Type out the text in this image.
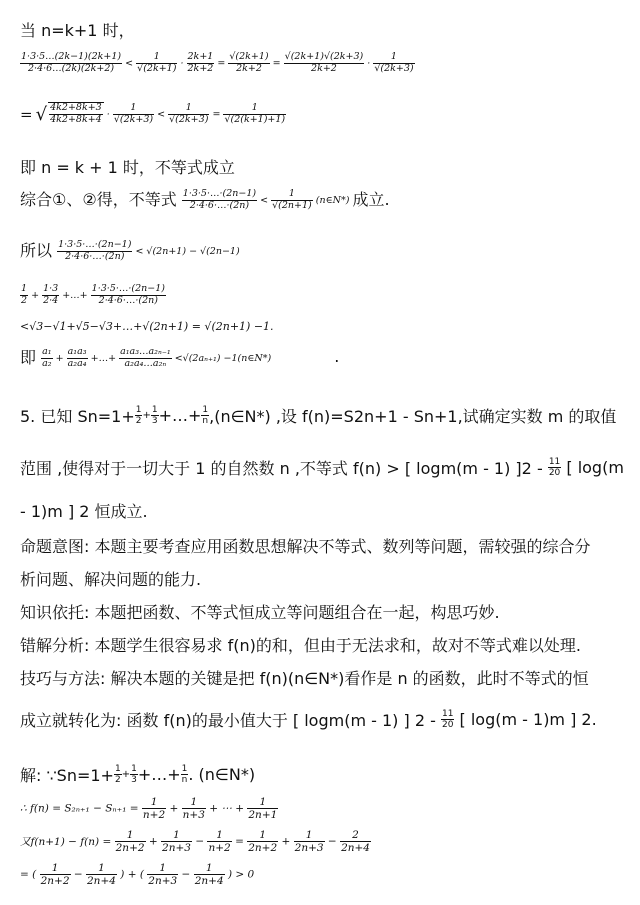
当 n=k+1 时，
$\frac{1\cdot 3\cdot 5\dots(2k-1)(2k+1)}{2\cdot 4\cdot 6\dots(2k)(2k+2)} < \frac{1}{√(2k+1)} \cdot \frac{2k+1}{2k+2} = \frac{√(2k+1)}{2k+2} = \frac{√(2k+1)√(2k+3)}{2k+2} \cdot \frac{1}{√(2k+3)}$
= √ $\frac{4k2+8k+3}{4k2+8k+4} \cdot \frac{1}{√(2k+3)} < \frac{1}{√(2k+3)} = \frac{1}{√(2(k+1)+1)}$
即 n = k + 1 时，不等式成立
综合①、②得，不等式 $\frac{1\cdot 3\cdot 5\cdot\dots\cdot(2n-1)}{2\cdot 4\cdot 6\cdot\dots\cdot(2n)} < \frac{1}{√(2n+1)}$ (n∈N*) 成立.
所以 $\frac{1\cdot 3\cdot 5\cdot\dots\cdot(2n-1)}{2\cdot 4\cdot 6\cdot\dots\cdot(2n)} < √(2n+1) - √(2n-1)$
$\frac{1}{2} + \frac{1\cdot 3}{2\cdot 4}$ +…+ $\frac{1\cdot 3\cdot 5\cdot\dots\cdot(2n-1)}{2\cdot 4\cdot 6\cdot\dots\cdot(2n)}$
<√3−√1+√5−√3+…+√(2n+1) = √(2n+1) −1.
即 $\frac{\text{a₁}}{\text{a₂}} + \frac{\text{a₁a₃}}{\text{a₂a₄}}$ +…+ $\frac{\text{a₁a₃…a₂ₙ₋₁}}{\text{a₂a₄…a₂ₙ}} <√(2a_{n+1})$ −1(n∈N*)	.
5. 已知 $Sn=1+ \frac{1}{2} + \frac{1}{3}$ +…+ $\frac{1}{n}$ ,(n∈N*) ,设 f(n)=S2n+1 - Sn+1,试确定实数 m 的取值
范围 ,使得对于一切大于 1 的自然数 n ,不等式 f(n) > [ logm(m - 1) ]$2 - \frac{11}{20}$ [ log(m
- 1)m ] 2 恒成立.
命题意图: 本题主要考查应用函数思想解决不等式、数列等问题，需较强的综合分
析问题、解决问题的能力.
知识依托: 本题把函数、不等式恒成立等问题组合在一起，构思巧妙.
错解分析: 本题学生很容易求 f(n)的和，但由于无法求和，故对不等式难以处理.
技巧与方法: 解决本题的关键是把 f(n)(n∈N*)看作是 n 的函数，此时不等式的恒
成立就转化为: 函数 f(n)的最小值大于 [ logm(m - 1) ] $2 - \frac{11}{20}$ [ log(m - 1)m ] 2.
解: ∵Sn=1+ $\frac{1}{2} + \frac{1}{3}$ +…+ $\frac{1}{n}$ . (n∈N*)
∴ $f(n) = S_{2n+1} - S_{n+1} = \frac{1}{n+2} + \frac{1}{n+3}$ + ⋯ + $\frac{1}{2n+1}$
又$f(n+1) - f(n) = \frac{1}{2n+2} + \frac{1}{2n+3} - \frac{1}{n+2} = \frac{1}{2n+2} + \frac{1}{2n+3} - \frac{2}{2n+4}$
= ( $\frac{1}{2n+2} - \frac{1}{2n+4}$ ) + ( $\frac{1}{2n+3} - \frac{1}{2n+4}$ ) > 0
